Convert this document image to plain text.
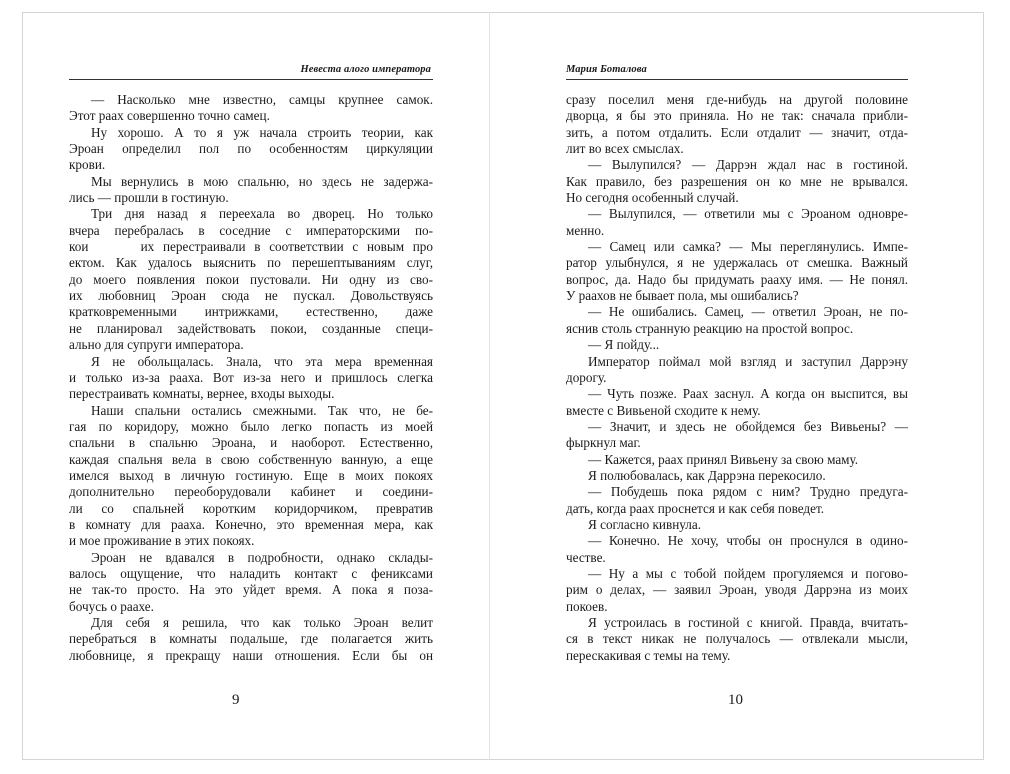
Невеста алого императора
— Насколько мне известно, самцы крупнее самок.
Этот раах совершенно точно самец.
Ну хорошо. А то я уж начала строить теории, как
Эроан определил пол по особенностям циркуляции
крови.
Мы вернулись в мою спальню, но здесь не задержа-
лись — прошли в гостиную.
Три дня назад я переехала во дворец. Но только
вчера перебралась в соседние с императорскими по-
кои      их перестраивали в соответствии с новым про
ектом. Как удалось выяснить по перешептываниям слуг,
до моего появления покои пустовали. Ни одну из сво-
их любовниц Эроан сюда не пускал. Довольствуясь
кратковременными интрижками, естественно, даже
не планировал задействовать покои, созданные специ-
ально для супруги императора.
Я не обольщалась. Знала, что эта мера временная
и только из-за рааха. Вот из-за него и пришлось слегка
перестраивать комнаты, вернее, входы выходы.
Наши спальни остались смежными. Так что, не бе-
гая по коридору, можно было легко попасть из моей
спальни в спальню Эроана, и наоборот. Естественно,
каждая спальня вела в свою собственную ванную, а еще
имелся выход в личную гостиную. Еще в моих покоях
дополнительно переоборудовали кабинет и соедини-
ли со спальней коротким коридорчиком, превратив
в комнату для рааха. Конечно, это временная мера, как
и мое проживание в этих покоях.
Эроан не вдавался в подробности, однако склады-
валось ощущение, что наладить контакт с фениксами
не так-то просто. На это уйдет время. А пока я поза-
бочусь о раахе.
Для себя я решила, что как только Эроан велит
перебраться в комнаты подальше, где полагается жить
любовнице, я прекращу наши отношения. Если бы он
9
Мария Боталова
сразу поселил меня где-нибудь на другой половине
дворца, я бы это приняла. Но не так: сначала прибли-
зить, а потом отдалить. Если отдалит — значит, отда-
лит во всех смыслах.
— Вылупился? — Даррэн ждал нас в гостиной.
Как правило, без разрешения он ко мне не врывался.
Но сегодня особенный случай.
— Вылупился, — ответили мы с Эроаном одновре-
менно.
— Самец или самка? — Мы переглянулись. Импе-
ратор улыбнулся, я не удержалась от смешка. Важный
вопрос, да. Надо бы придумать рааху имя. — Не понял.
У раахов не бывает пола, мы ошибались?
— Не ошибались. Самец, — ответил Эроан, не по-
яснив столь странную реакцию на простой вопрос.
— Я пойду...
Император поймал мой взгляд и заступил Даррэну
дорогу.
— Чуть позже. Раах заснул. А когда он выспится, вы
вместе с Вивьеной сходите к нему.
— Значит, и здесь не обойдемся без Вивьены? —
фыркнул маг.
— Кажется, раах принял Вивьену за свою маму.
Я полюбовалась, как Даррэна перекосило.
— Побудешь пока рядом с ним? Трудно предуга-
дать, когда раах проснется и как себя поведет.
Я согласно кивнула.
— Конечно. Не хочу, чтобы он проснулся в одино-
честве.
— Ну а мы с тобой пойдем прогуляемся и погово-
рим о делах, — заявил Эроан, уводя Даррэна из моих
покоев.
Я устроилась в гостиной с книгой. Правда, вчитать-
ся в текст никак не получалось — отвлекали мысли,
перескакивая с темы на тему.
10
